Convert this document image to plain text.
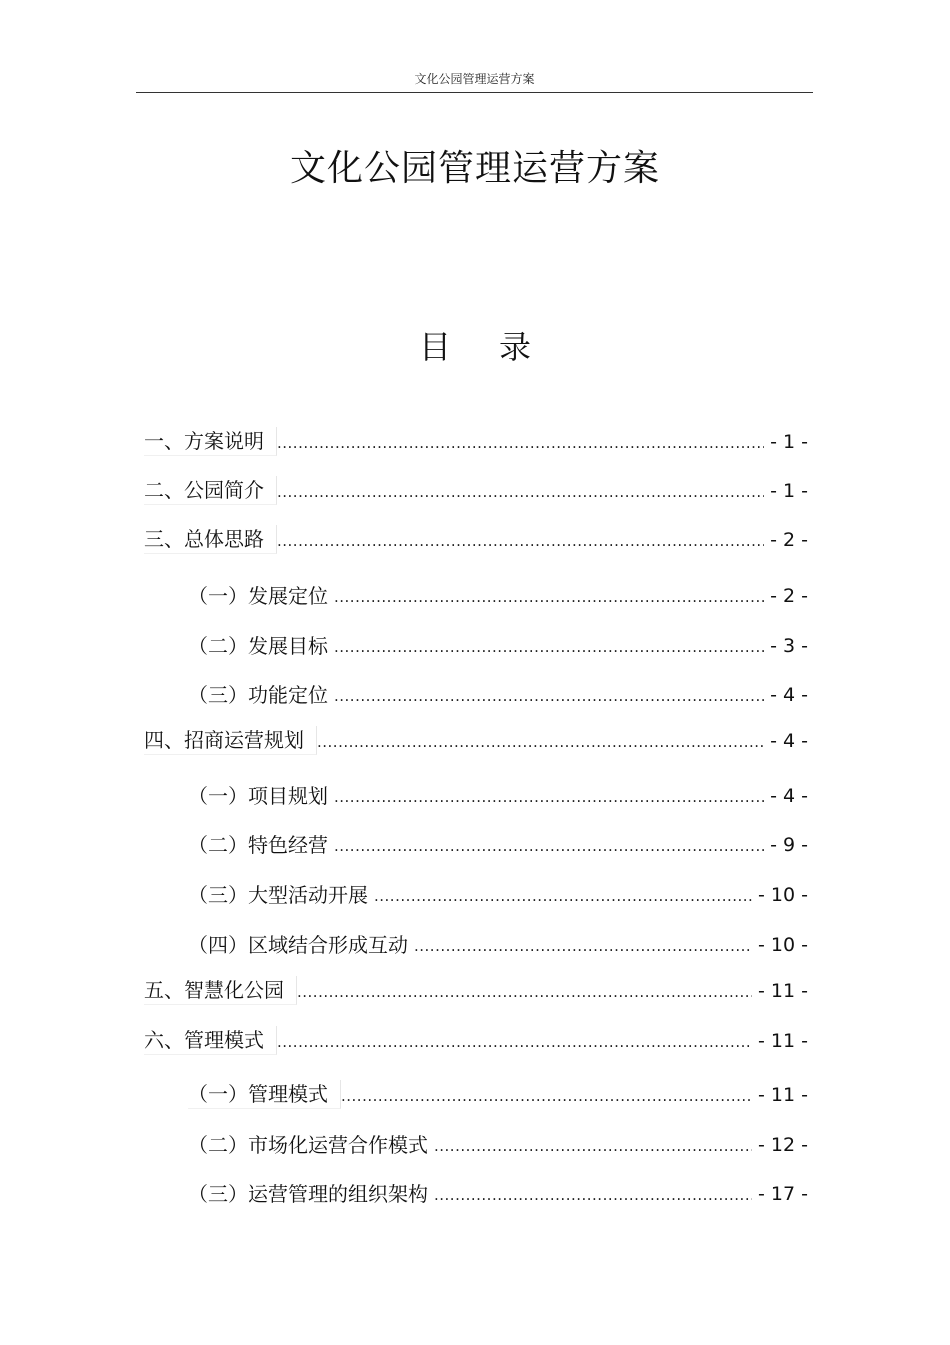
文化公园管理运营方案
文化公园管理运营方案
目 录
一、方案说明 .....	- 1 -
二、公园简介 .....	- 1 -
三、总体思路 .....	- 2 -
（一）发展定位 .....	- 2 -
（二）发展目标 .....	- 3 -
（三）功能定位 .....	- 4 -
四、招商运营规划 .....	- 4 -
（一）项目规划 .....	- 4 -
（二）特色经营 .....	- 9 -
（三）大型活动开展 .....	- 10 -
（四）区域结合形成互动 .....	- 10 -
五、智慧化公园 .....	- 11 -
六、管理模式 .....	- 11 -
（一）管理模式 .....	- 11 -
（二）市场化运营合作模式 .....	- 12 -
（三）运营管理的组织架构 .....	- 17 -
